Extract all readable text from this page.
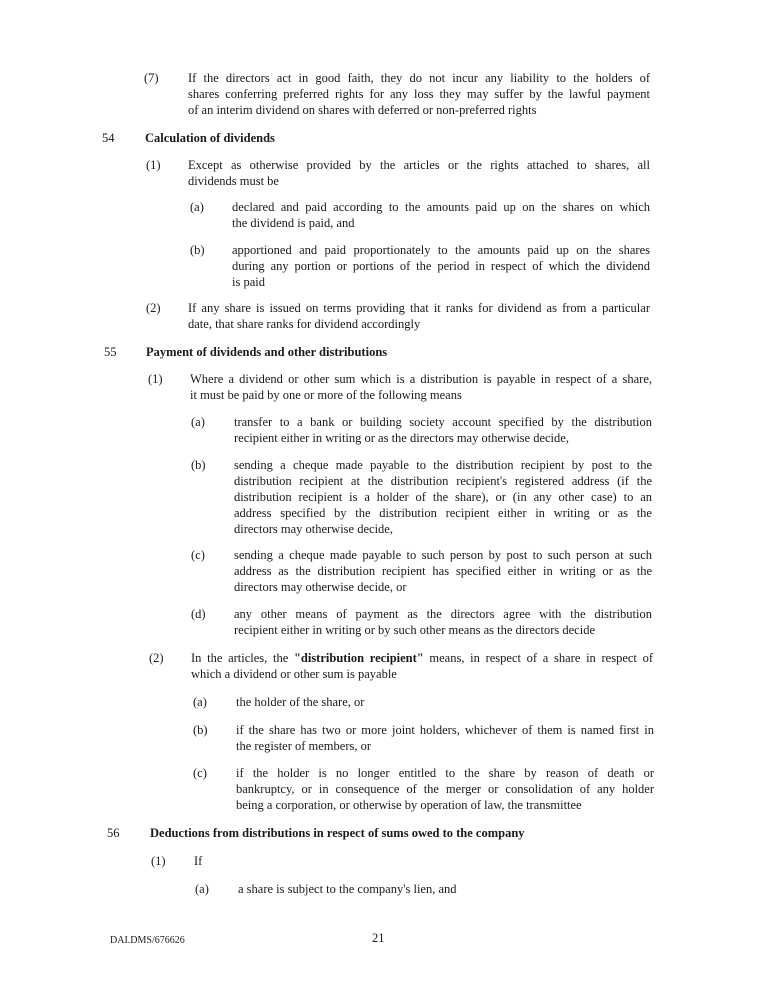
(7) If the directors act in good faith, they do not incur any liability to the holders of
shares conferring preferred rights for any loss they may suffer by the lawful payment
of an interim dividend on shares with deferred or non-preferred rights
54 Calculation of dividends
(1) Except as otherwise provided by the articles or the rights attached to shares, all
dividends must be
(a) declared and paid according to the amounts paid up on the shares on which
the dividend is paid, and
(b) apportioned and paid proportionately to the amounts paid up on the shares
during any portion or portions of the period in respect of which the dividend
is paid
(2) If any share is issued on terms providing that it ranks for dividend as from a particular
date, that share ranks for dividend accordingly
55 Payment of dividends and other distributions
(1) Where a dividend or other sum which is a distribution is payable in respect of a share,
it must be paid by one or more of the following means
(a) transfer to a bank or building society account specified by the distribution
recipient either in writing or as the directors may otherwise decide,
(b) sending a cheque made payable to the distribution recipient by post to the
distribution recipient at the distribution recipient's registered address (if the
distribution recipient is a holder of the share), or (in any other case) to an
address specified by the distribution recipient either in writing or as the
directors may otherwise decide,
(c) sending a cheque made payable to such person by post to such person at such
address as the distribution recipient has specified either in writing or as the
directors may otherwise decide, or
(d) any other means of payment as the directors agree with the distribution
recipient either in writing or by such other means as the directors decide
(2) In the articles, the "distribution recipient" means, in respect of a share in respect of
which a dividend or other sum is payable
(a) the holder of the share, or
(b) if the share has two or more joint holders, whichever of them is named first in
the register of members, or
(c) if the holder is no longer entitled to the share by reason of death or
bankruptcy, or in consequence of the merger or consolidation of any holder
being a corporation, or otherwise by operation of law, the transmittee
56 Deductions from distributions in respect of sums owed to the company
(1) If
(a) a share is subject to the company's lien, and
DAI.DMS/676626	21
